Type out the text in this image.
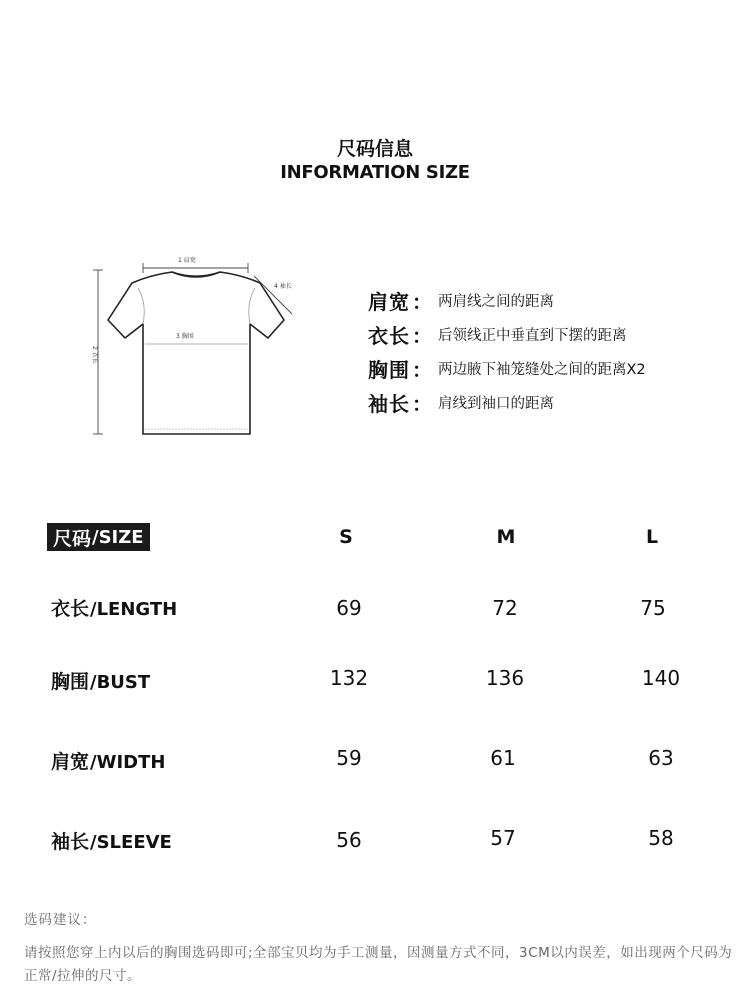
尺码信息
INFORMATION SIZE
1 肩宽
2 衣长
3 胸围
4 袖长
肩宽 ： 两肩线之间的距离
衣长 ： 后领线正中垂直到下摆的距离
胸围 ： 两边腋下袖笼缝处之间的距离X2
袖长 ： 肩线到袖口的距离
尺码 /SIZE	S	M	L
衣长/LENGTH	69	72	75
胸围/BUST	132	136	140
肩宽/WIDTH	59	61	63
袖长/SLEEVE	56	57	58
选码建议：
请按照您穿上内以后的胸围选码即可;全部宝贝均为手工测量，因测量方式不同，3CM以内误差，如出现两个尺码为正常/拉伸的尺寸。
